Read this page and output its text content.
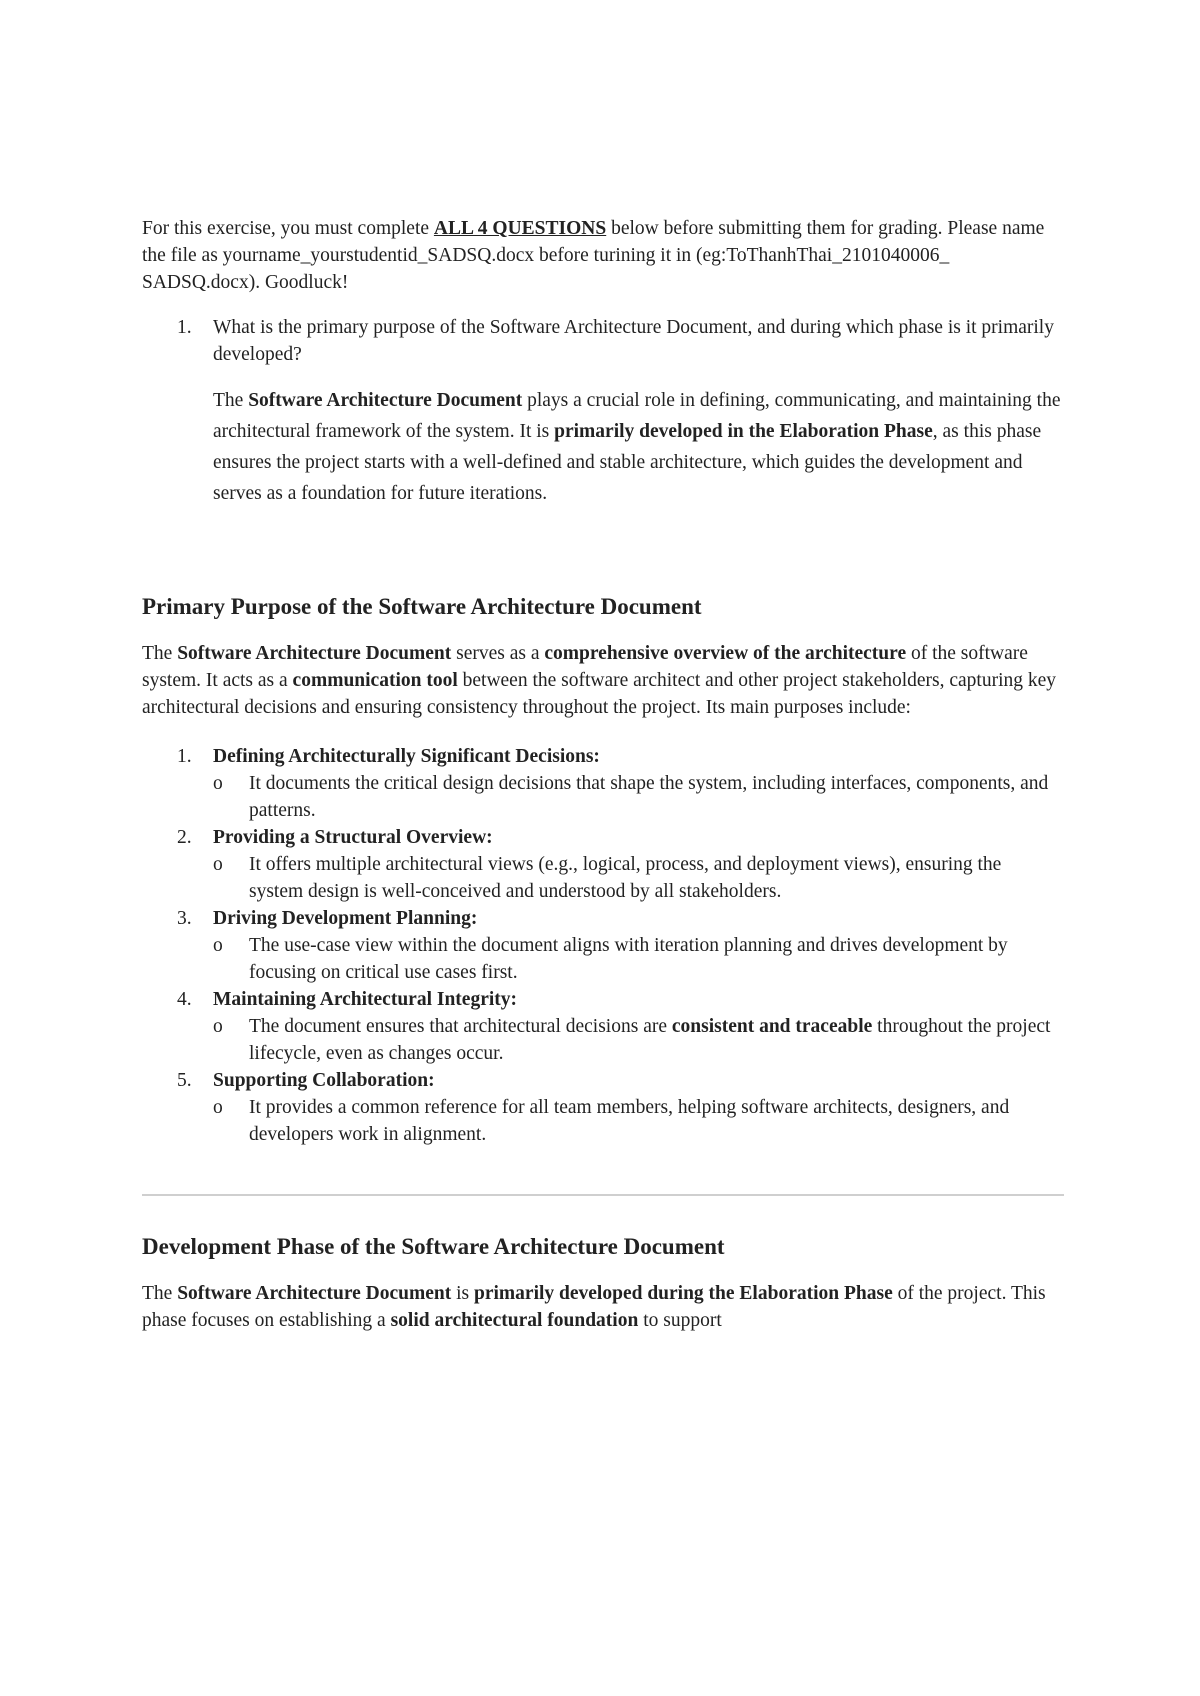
For this exercise, you must complete ALL 4 QUESTIONS below before submitting them for grading. Please name the file as yourname_yourstudentid_SADSQ.docx before turining it in (eg:ToThanhThai_2101040006_ SADSQ.docx). Goodluck!

1.	What is the primary purpose of the Software Architecture Document, and during which phase is it primarily developed?

The Software Architecture Document plays a crucial role in defining, communicating, and maintaining the architectural framework of the system. It is primarily developed in the Elaboration Phase, as this phase ensures the project starts with a well-defined and stable architecture, which guides the development and serves as a foundation for future iterations.

Primary Purpose of the Software Architecture Document

The Software Architecture Document serves as a comprehensive overview of the architecture of the software system. It acts as a communication tool between the software architect and other project stakeholders, capturing key architectural decisions and ensuring consistency throughout the project. Its main purposes include:

1.	Defining Architecturally Significant Decisions:
o	It documents the critical design decisions that shape the system, including interfaces, components, and patterns.
2.	Providing a Structural Overview:
o	It offers multiple architectural views (e.g., logical, process, and deployment views), ensuring the system design is well-conceived and understood by all stakeholders.
3.	Driving Development Planning:
o	The use-case view within the document aligns with iteration planning and drives development by focusing on critical use cases first.
4.	Maintaining Architectural Integrity:
o	The document ensures that architectural decisions are consistent and traceable throughout the project lifecycle, even as changes occur.
5.	Supporting Collaboration:
o	It provides a common reference for all team members, helping software architects, designers, and developers work in alignment.
Development Phase of the Software Architecture Document

The Software Architecture Document is primarily developed during the Elaboration Phase of the project. This phase focuses on establishing a solid architectural foundation to support
